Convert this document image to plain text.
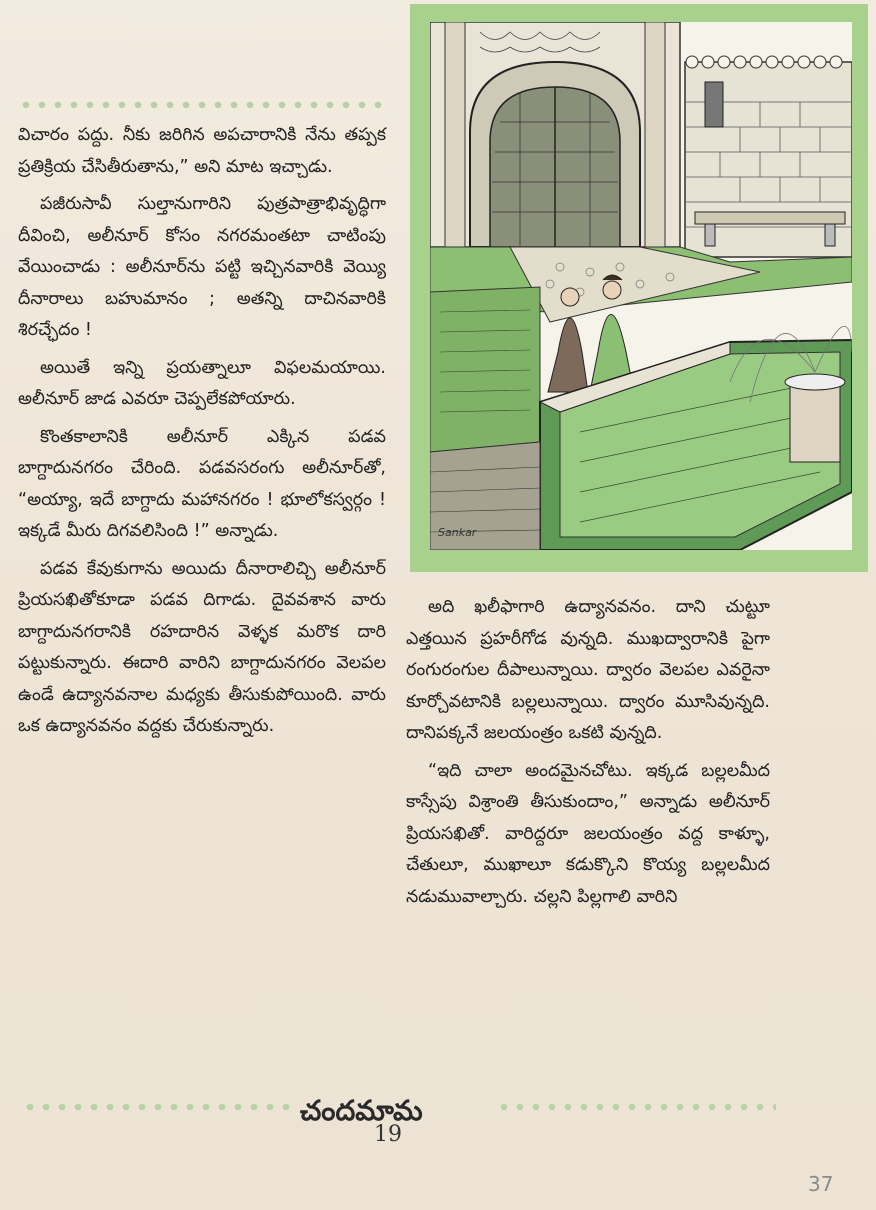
విచారం పద్దు. నీకు జరిగిన అపచారానికి నేను తప్పక ప్రతిక్రియ చేసితీరుతాను,” అని మాట ఇచ్చాడు.

పజీరుసావీ సుల్తానుగారిని పుత్రపాత్రాభివృద్ధిగా దీవించి, అలీనూర్ కోసం నగరమంతటా చాటింపు వేయించాడు : అలీనూర్‌ను పట్టి ఇచ్చినవారికి వెయ్యి దీనారాలు బహుమానం ; అతన్ని దాచినవారికి శిరచ్ఛేదం !

అయితే ఇన్ని ప్రయత్నాలూ విఫలమయాయి. అలీనూర్ జాడ ఎవరూ చెప్పలేకపోయారు.

కొంతకాలానికి అలీనూర్ ఎక్కిన పడవ బాగ్దాదునగరం చేరింది. పడవసరంగు అలీనూర్‌తో, “అయ్యా, ఇదే బాగ్దాదు మహానగరం ! భూలోకస్వర్గం ! ఇక్కడే మీరు దిగవలిసింది !” అన్నాడు.

పడవ కేవుకుగాను అయిదు దీనారాలిచ్చి అలీనూర్ ప్రియసఖితోకూడా పడవ దిగాడు. దైవవశాన వారు బాగ్దాదునగరానికి రహదారిన వెళ్ళక మరొక దారి పట్టుకున్నారు. ఈదారి వారిని బాగ్దాదునగరం వెలపల ఉండే ఉద్యానవనాల మధ్యకు తీసుకుపోయింది. వారు ఒక ఉద్యానవనం వద్దకు చేరుకున్నారు.

Sankar

అది ఖలీఫాగారి ఉద్యానవనం. దాని చుట్టూ ఎత్తయిన ప్రహరీగోడ వున్నది. ముఖద్వారానికి పైగా రంగురంగుల దీపాలున్నాయి. ద్వారం వెలపల ఎవరైనా కూర్చోవటానికి బల్లలున్నాయి. ద్వారం మూసివున్నది. దానిపక్కనే జలయంత్రం ఒకటి వున్నది.

“ఇది చాలా అందమైనచోటు. ఇక్కడ బల్లలమీద కాస్సేపు విశ్రాంతి తీసుకుందాం,” అన్నాడు అలీనూర్ ప్రియసఖితో. వారిద్దరూ జలయంత్రం వద్ద కాళ్ళూ, చేతులూ, ముఖాలూ కడుక్కొని కొయ్య బల్లలమీద నడుమువాల్చారు. చల్లని పిల్లగాలి వారిని

చందమామ
19
37
